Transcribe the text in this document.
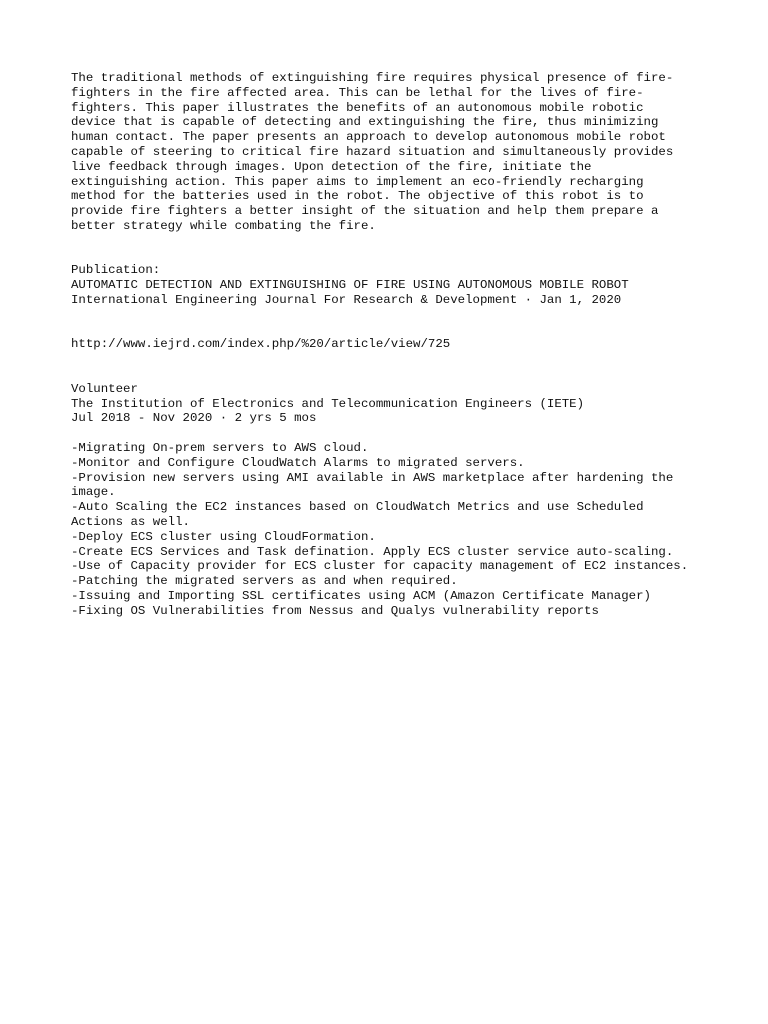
The traditional methods of extinguishing fire requires physical presence of fire-
fighters in the fire affected area. This can be lethal for the lives of fire-
fighters. This paper illustrates the benefits of an autonomous mobile robotic
device that is capable of detecting and extinguishing the fire, thus minimizing
human contact. The paper presents an approach to develop autonomous mobile robot
capable of steering to critical fire hazard situation and simultaneously provides
live feedback through images. Upon detection of the fire, initiate the
extinguishing action. This paper aims to implement an eco-friendly recharging
method for the batteries used in the robot. The objective of this robot is to
provide fire fighters a better insight of the situation and help them prepare a
better strategy while combating the fire.
Publication:
AUTOMATIC DETECTION AND EXTINGUISHING OF FIRE USING AUTONOMOUS MOBILE ROBOT
International Engineering Journal For Research & Development · Jan 1, 2020
http://www.iejrd.com/index.php/%20/article/view/725
Volunteer
The Institution of Electronics and Telecommunication Engineers (IETE)
Jul 2018 - Nov 2020 · 2 yrs 5 mos
-Migrating On-prem servers to AWS cloud.
-Monitor and Configure CloudWatch Alarms to migrated servers.
-Provision new servers using AMI available in AWS marketplace after hardening the
image.
-Auto Scaling the EC2 instances based on CloudWatch Metrics and use Scheduled
Actions as well.
-Deploy ECS cluster using CloudFormation.
-Create ECS Services and Task defination. Apply ECS cluster service auto-scaling.
-Use of Capacity provider for ECS cluster for capacity management of EC2 instances.
-Patching the migrated servers as and when required.
-Issuing and Importing SSL certificates using ACM (Amazon Certificate Manager)
-Fixing OS Vulnerabilities from Nessus and Qualys vulnerability reports
